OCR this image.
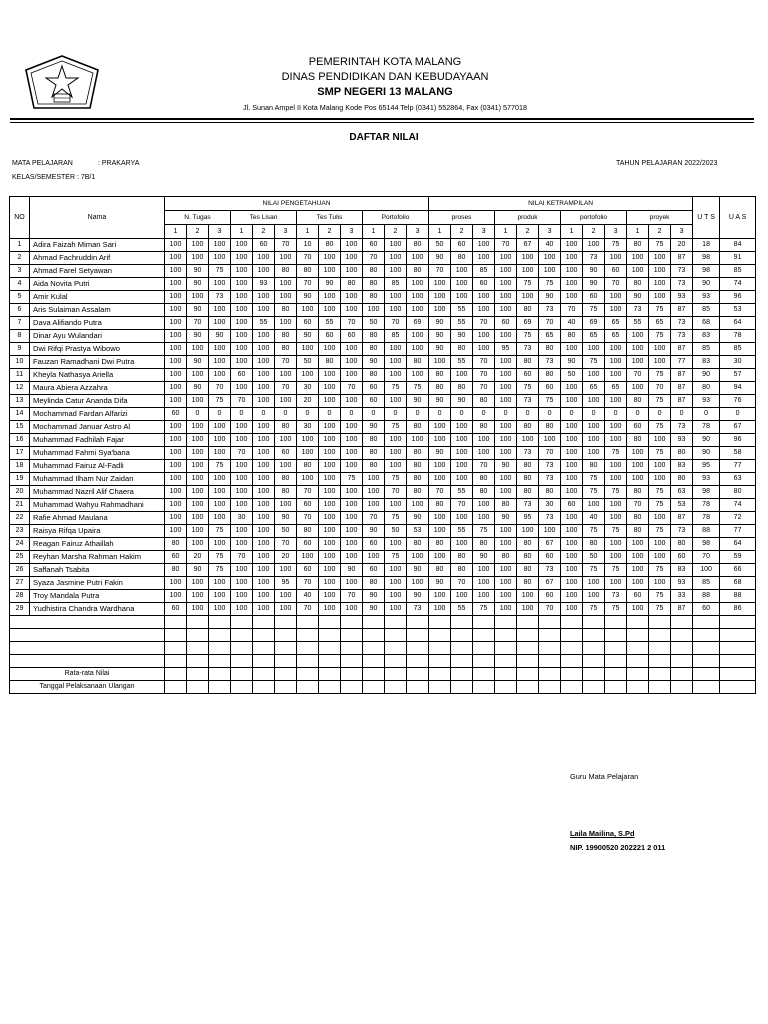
PEMERINTAH KOTA MALANG
DINAS PENDIDIKAN DAN KEBUDAYAAN
SMP NEGERI 13 MALANG
Jl. Sunan Ampel II Kota Malang Kode Pos 65144 Telp (0341) 552864, Fax (0341) 577018
DAFTAR NILAI
MATA PELAJARAN	: PRAKARYA
KELAS/SEMESTER : 7B/1
TAHUN PELAJARAN 2022/2023
NO	Nama	NILAI PENGETAHUAN												NILAI KETRAMPILAN												U T S	U A S
		N. Tugas			Tes Lisan			Tes Tulis			Portofolio			proses			produk			portofolio			proyek				
		1	2	3	1	2	3	1	2	3	1	2	3	1	2	3	1	2	3	1	2	3	1	2	3		
1	Adira Faizah Miman Sari	100	100	100	100	60	70	10	80	100	60	100	80	50	60	100	70	67	40	100	100	75	80	75	20	18	84
2	Ahmad Fachruddin Arif	100	100	100	100	100	100	70	100	100	70	100	100	90	80	100	100	100	100	100	73	100	100	100	87	98	91
3	Ahmad Farel Setyawan	100	90	75	100	100	80	80	100	100	80	100	80	70	100	85	100	100	100	100	90	60	100	100	73	98	85
4	Aida Novita Putri	100	90	100	100	93	100	70	90	80	80	85	100	100	100	60	100	75	75	100	90	70	80	100	73	90	74
5	Amir Kulal	100	100	73	100	100	100	90	100	100	80	100	100	100	100	100	100	100	90	100	60	100	90	100	93	93	96
6	Aris Sulaiman Assalam	100	90	100	100	100	80	100	100	100	100	100	100	100	55	100	100	80	73	70	75	100	73	75	87	85	53
7	Dava Alifiando Putra	100	70	100	100	55	100	60	55	70	50	70	69	90	55	70	60	69	70	40	69	65	55	65	73	68	64
8	Dinar Ayu Wulandari	100	90	90	100	100	80	90	60	60	80	85	100	90	90	100	100	75	65	80	65	65	100	75	73	83	78
9	Dwi Rifqi Prastya Wibowo	100	100	100	100	100	80	100	100	100	80	100	100	90	80	100	95	73	80	100	100	100	100	100	87	85	85
10	Fauzan Ramadhani Dwi Putra	100	90	100	100	100	70	50	80	100	90	100	80	100	55	70	100	80	73	90	75	100	100	100	77	83	30
11	Kheyla Nathasya Ariella	100	100	100	60	100	100	100	100	100	80	100	100	80	100	70	100	60	80	50	100	100	70	75	87	90	57
12	Maura Abiera Azzahra	100	90	70	100	100	70	30	100	70	60	75	75	80	80	70	100	75	60	100	65	65	100	70	87	80	94
13	Meylinda Catur Ananda Difa	100	100	75	70	100	100	20	100	100	60	100	90	90	90	80	100	73	75	100	100	100	80	75	87	93	76
14	Mochammad Fardan Alfarizi	60	0	0	0	0	0	0	0	0	0	0	0	0	0	0	0	0	0	0	0	0	0	0	0	0	0
15	Mochammad Januar Astro Al	100	100	100	100	100	80	30	100	100	90	75	80	100	100	80	100	80	80	100	100	100	60	75	73	78	67
16	Muhammad Fadhilah Fajar	100	100	100	100	100	100	100	100	100	80	100	100	100	100	100	100	100	100	100	100	100	80	100	93	90	96
17	Muhammad Fahmi Sya'bana	100	100	100	70	100	60	100	100	100	80	100	80	90	100	100	100	73	70	100	100	75	100	75	80	90	58
18	Muhammad Fairuz Al-Fadli	100	100	75	100	100	100	80	100	100	80	100	80	100	100	70	90	80	73	100	80	100	100	100	83	95	77
19	Muhammad Ilham Nur Zaidan	100	100	100	100	100	80	100	100	75	100	75	80	100	100	80	100	80	73	100	75	100	100	100	80	93	63
20	Muhammad Nazril Alif Chaera	100	100	100	100	100	80	70	100	100	100	70	80	70	55	80	100	80	80	100	75	75	80	75	63	98	80
21	Muhammad Wahyu Rahmadhani	100	100	100	100	100	100	60	100	100	100	100	100	80	70	100	80	73	30	60	100	100	70	75	53	78	74
22	Rafie Ahmad Maulana	100	100	100	30	100	90	70	100	100	70	75	90	100	100	100	90	95	73	100	40	100	80	100	87	78	72
23	Raisya Rifqa Upaira	100	100	75	100	100	50	80	100	100	90	50	53	100	55	75	100	100	100	100	75	75	80	75	73	88	77
24	Reagan Fairuz Athaillah	80	100	100	100	100	70	60	100	100	60	100	80	80	100	80	100	80	67	100	80	100	100	100	80	98	64
25	Reyhan Marsha Rahman Hakim	60	20	75	70	100	20	100	100	100	100	75	100	100	80	90	80	80	60	100	50	100	100	100	60	70	59
26	Saffanah Tsabita	80	90	75	100	100	100	60	100	90	60	100	90	80	80	100	100	80	73	100	75	75	100	75	83	100	66
27	Syaza Jasmine Putri Fakin	100	100	100	100	100	95	70	100	100	80	100	100	90	70	100	100	80	67	100	100	100	100	100	93	85	68
28	Troy Mandala Putra	100	100	100	100	100	100	40	100	70	90	100	90	100	100	100	100	100	60	100	100	73	60	75	33	88	88
29	Yudhistira Chandra Wardhana	60	100	100	100	100	100	70	100	100	90	100	73	100	55	75	100	100	70	100	75	75	100	75	87	60	86

Rata-rata Nilai																											
Tanggal Pelaksanaan Ulangan																											
Guru Mata Pelajaran
Laila Mailina, S.Pd
NIP. 19900520 202221 2 011
